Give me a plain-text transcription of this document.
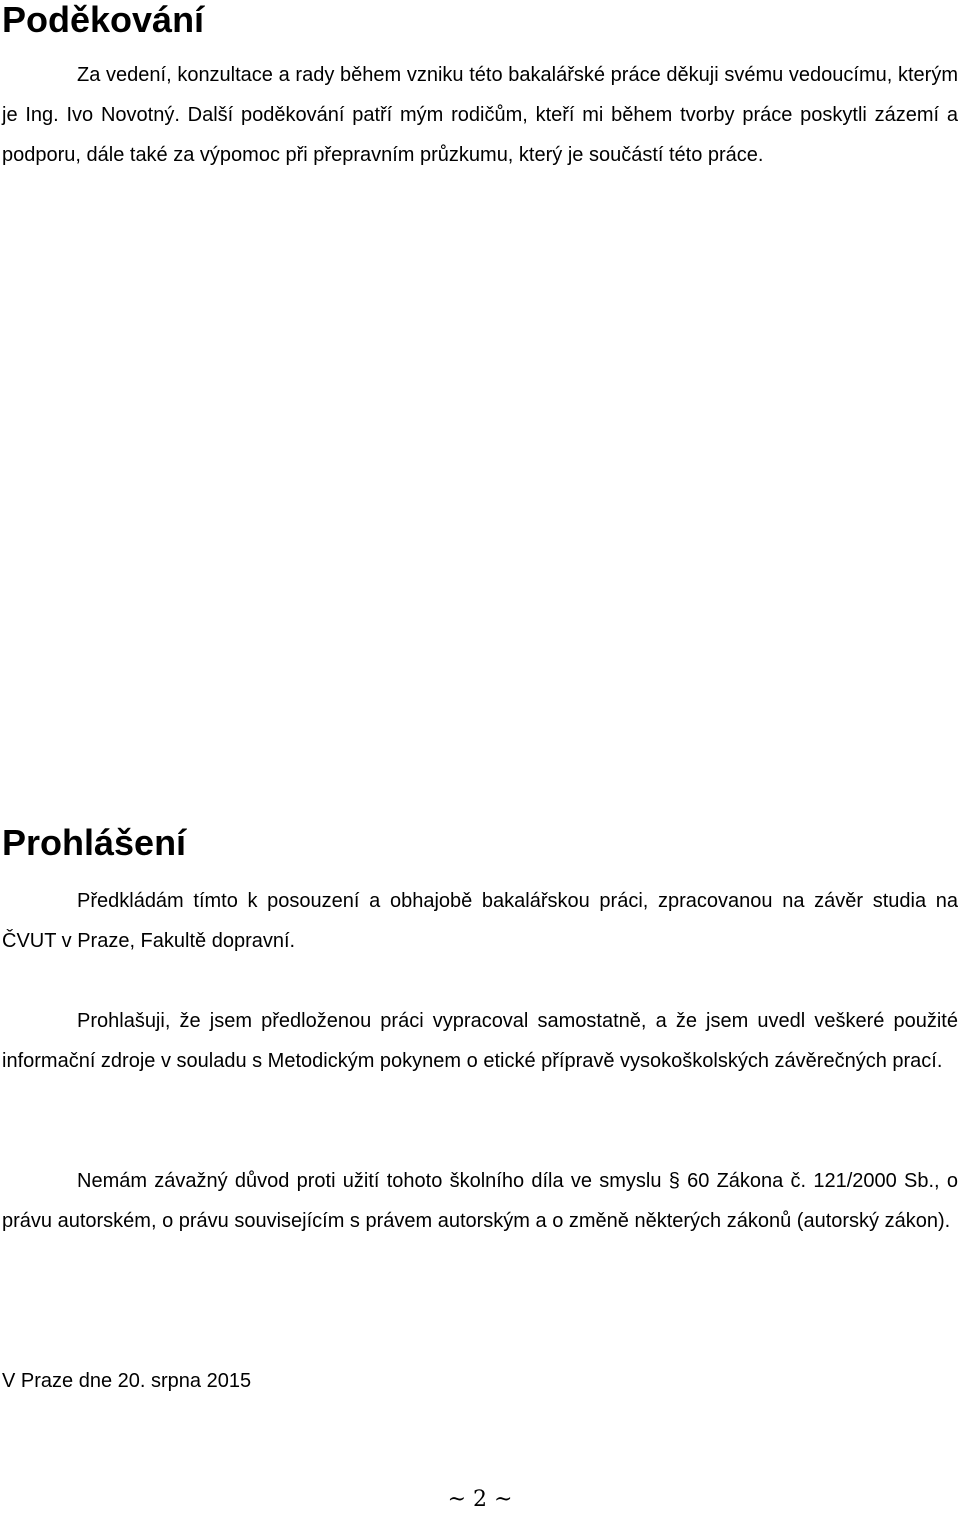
Poděkování

Za vedení, konzultace a rady během vzniku této bakalářské práce děkuji svému vedoucímu, kterým je Ing. Ivo Novotný. Další poděkování patří mým rodičům, kteří mi během tvorby práce poskytli zázemí a podporu, dále také za výpomoc při přepravním průzkumu, který je součástí této práce.

Prohlášení

Předkládám tímto k posouzení a obhajobě bakalářskou práci, zpracovanou na závěr studia na ČVUT v Praze, Fakultě dopravní.

Prohlašuji, že jsem předloženou práci vypracoval samostatně, a že jsem uvedl veškeré použité informační zdroje v souladu s Metodickým pokynem o etické přípravě vysokoškolských závěrečných prací.

Nemám závažný důvod proti užití tohoto školního díla ve smyslu § 60 Zákona č. 121/2000 Sb., o právu autorském, o právu souvisejícím s právem autorským a o změně některých zákonů (autorský zákon).

V Praze dne 20. srpna 2015

~ 2 ~
